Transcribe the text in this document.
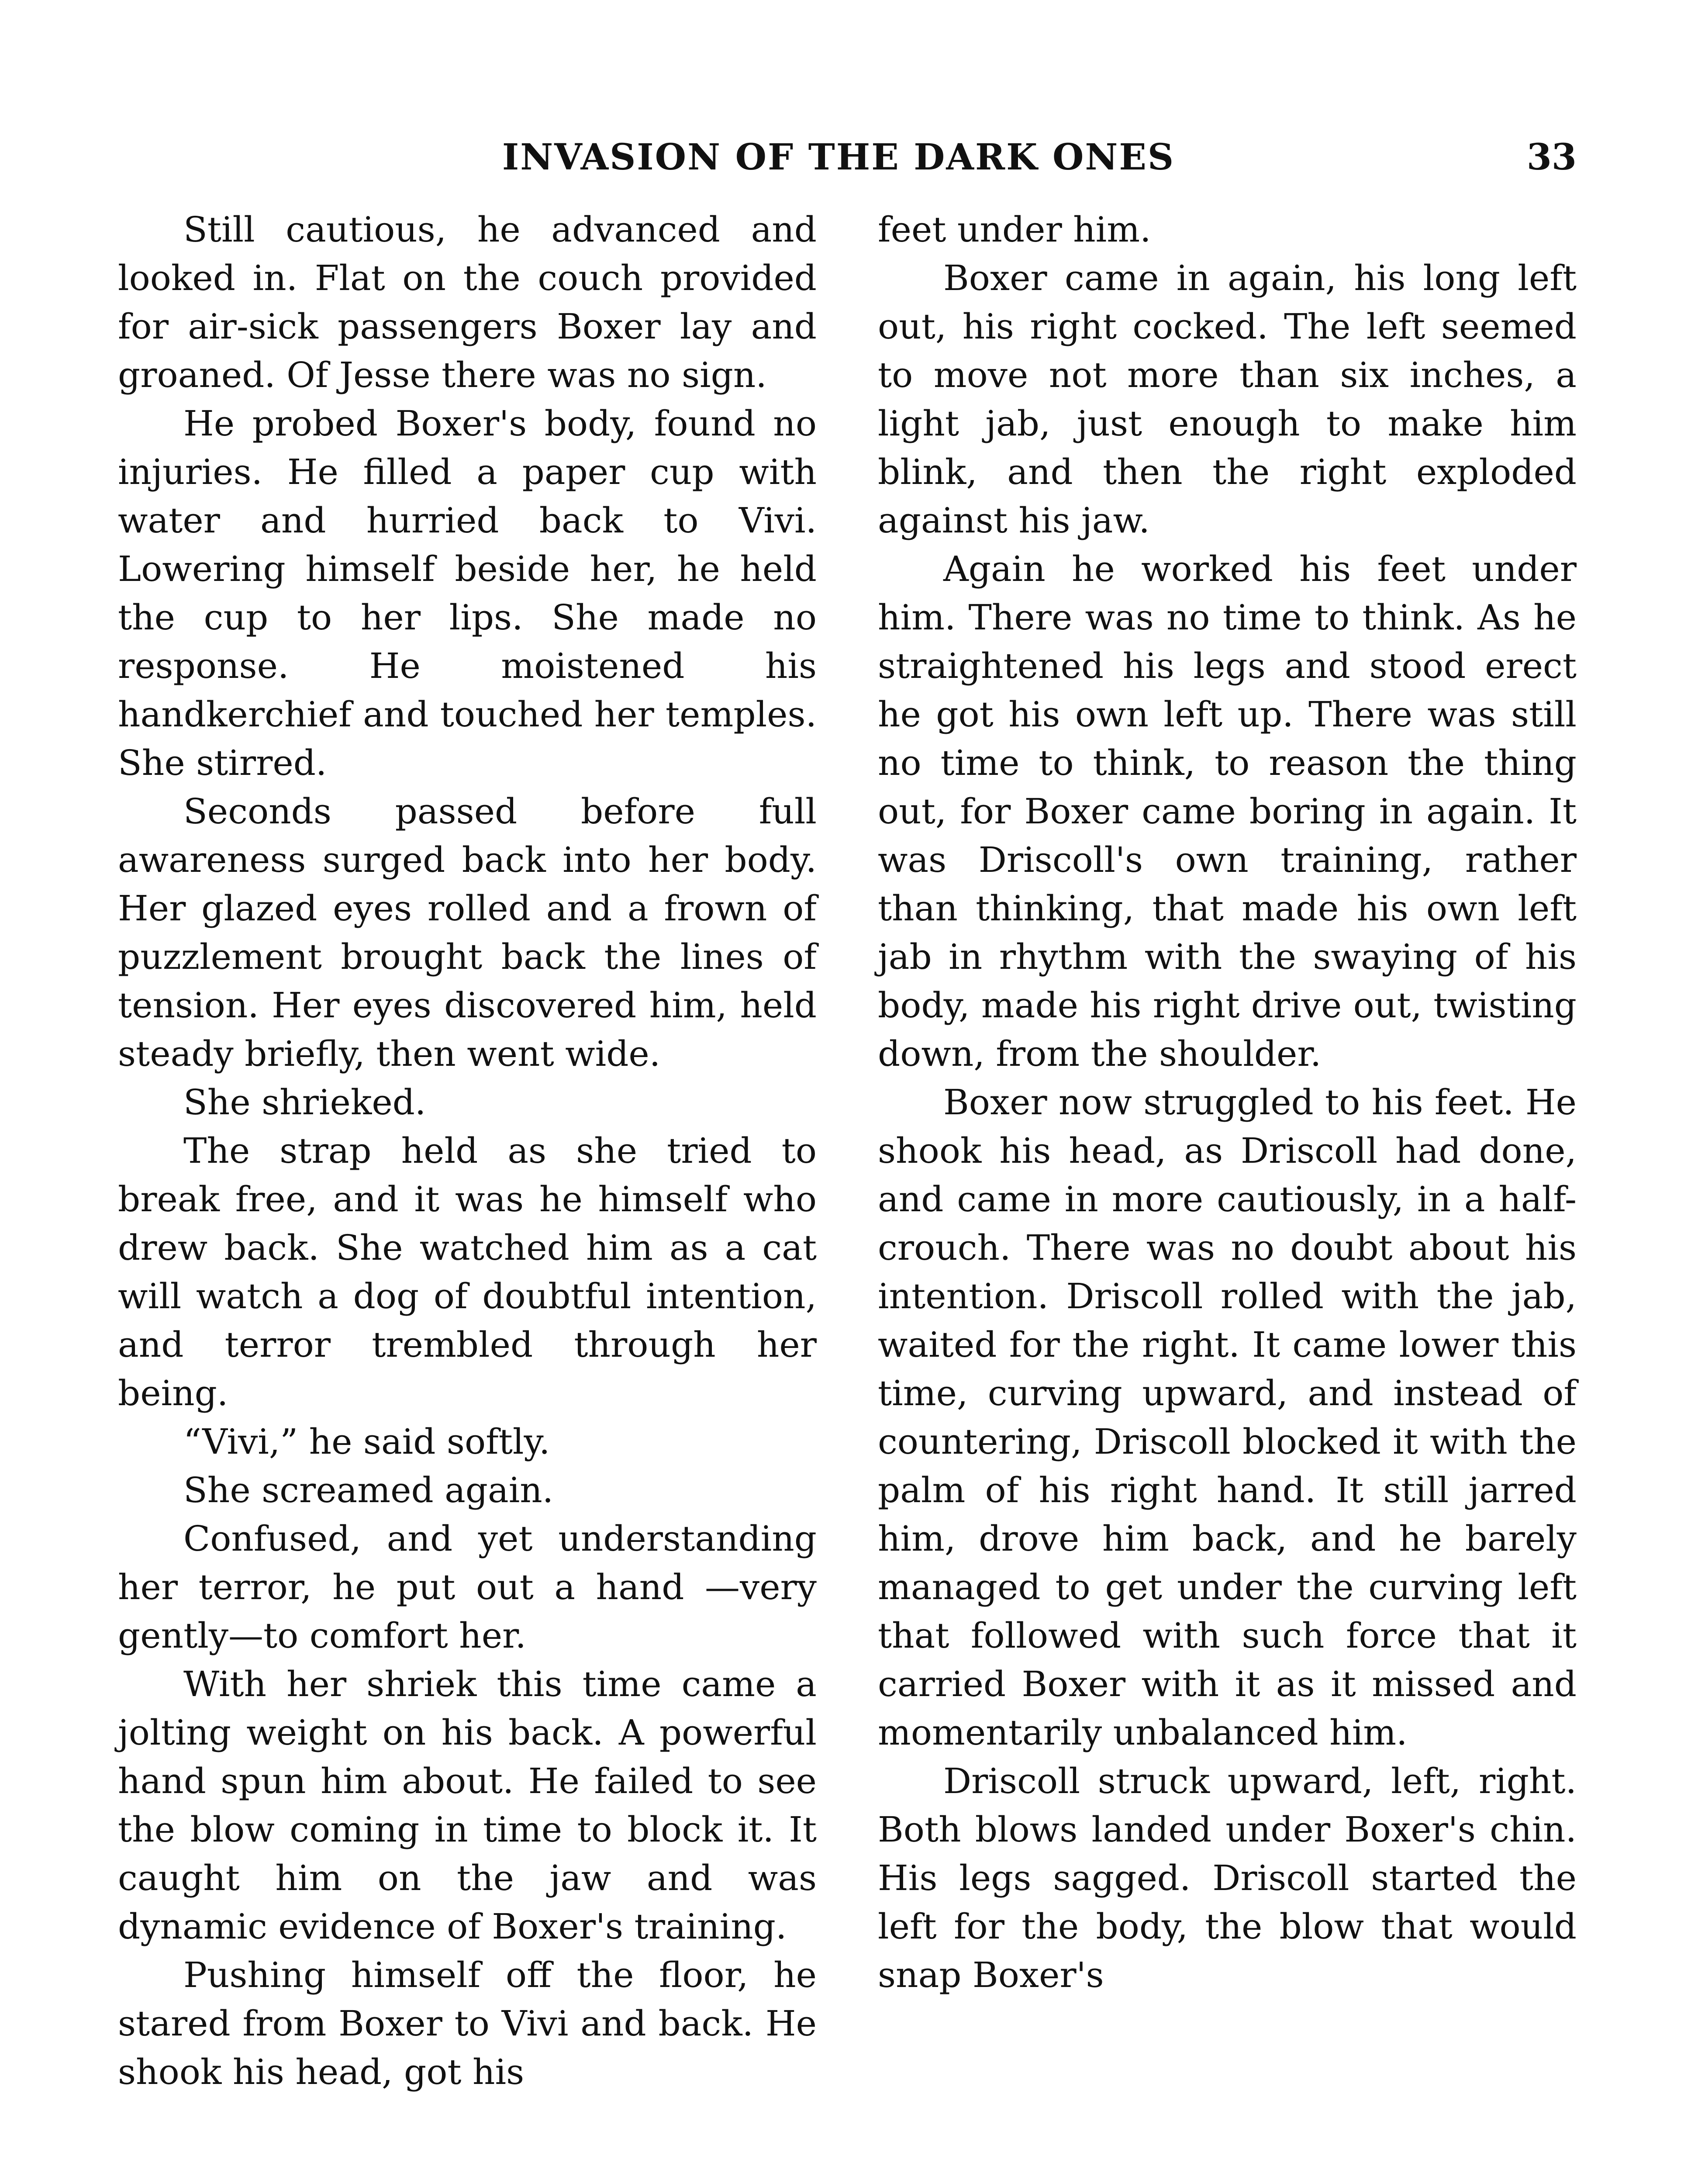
INVASION OF THE DARK ONES	33

Still cautious, he advanced and looked in. Flat on the couch provided for air-sick passengers Boxer lay and groaned. Of Jesse there was no sign.

He probed Boxer's body, found no injuries. He filled a paper cup with water and hurried back to Vivi. Lowering himself beside her, he held the cup to her lips. She made no response. He moistened his handkerchief and touched her temples. She stirred.

Seconds passed before full awareness surged back into her body. Her glazed eyes rolled and a frown of puzzlement brought back the lines of tension. Her eyes discovered him, held steady briefly, then went wide.

She shrieked.

The strap held as she tried to break free, and it was he himself who drew back. She watched him as a cat will watch a dog of doubtful intention, and terror trembled through her being.

“Vivi,” he said softly.

She screamed again.

Confused, and yet understanding her terror, he put out a hand —very gently—to comfort her.

With her shriek this time came a jolting weight on his back. A powerful hand spun him about. He failed to see the blow coming in time to block it. It caught him on the jaw and was dynamic evidence of Boxer's training.

Pushing himself off the floor, he stared from Boxer to Vivi and back. He shook his head, got his

feet under him.

Boxer came in again, his long left out, his right cocked. The left seemed to move not more than six inches, a light jab, just enough to make him blink, and then the right exploded against his jaw.

Again he worked his feet under him. There was no time to think. As he straightened his legs and stood erect he got his own left up. There was still no time to think, to reason the thing out, for Boxer came boring in again. It was Driscoll's own training, rather than thinking, that made his own left jab in rhythm with the swaying of his body, made his right drive out, twisting down, from the shoulder.

Boxer now struggled to his feet. He shook his head, as Driscoll had done, and came in more cautiously, in a half-crouch. There was no doubt about his intention. Driscoll rolled with the jab, waited for the right. It came lower this time, curving upward, and instead of countering, Driscoll blocked it with the palm of his right hand. It still jarred him, drove him back, and he barely managed to get under the curving left that followed with such force that it carried Boxer with it as it missed and momentarily unbalanced him.

Driscoll struck upward, left, right. Both blows landed under Boxer's chin. His legs sagged. Driscoll started the left for the body, the blow that would snap Boxer's
